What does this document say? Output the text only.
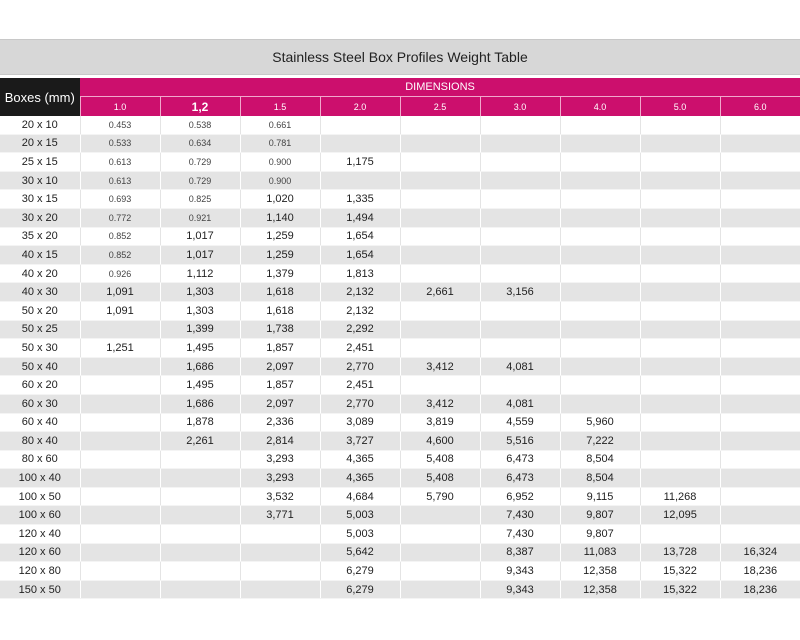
Stainless Steel Box Profiles Weight Table
Boxes (mm)	DIMENSIONS								
	1.0	1,2	1.5	2.0	2.5	3.0	4.0	5.0	6.0
20 x 10	0.453	0.538	0.661						
20 x 15	0.533	0.634	0.781						
25 x 15	0.613	0.729	0.900	1,175					
30 x 10	0.613	0.729	0.900						
30 x 15	0.693	0.825	1,020	1,335					
30 x 20	0.772	0.921	1,140	1,494					
35 x 20	0.852	1,017	1,259	1,654					
40 x 15	0.852	1,017	1,259	1,654					
40 x 20	0.926	1,112	1,379	1,813					
40 x 30	1,091	1,303	1,618	2,132	2,661	3,156			
50 x 20	1,091	1,303	1,618	2,132					
50 x 25		1,399	1,738	2,292					
50 x 30	1,251	1,495	1,857	2,451					
50 x 40		1,686	2,097	2,770	3,412	4,081			
60 x 20		1,495	1,857	2,451					
60 x 30		1,686	2,097	2,770	3,412	4,081			
60 x 40		1,878	2,336	3,089	3,819	4,559	5,960		
80 x 40		2,261	2,814	3,727	4,600	5,516	7,222		
80 x 60			3,293	4,365	5,408	6,473	8,504		
100 x 40			3,293	4,365	5,408	6,473	8,504		
100 x 50			3,532	4,684	5,790	6,952	9,115	11,268	
100 x 60			3,771	5,003		7,430	9,807	12,095	
120 x 40				5,003		7,430	9,807		
120 x 60				5,642		8,387	11,083	13,728	16,324
120 x 80				6,279		9,343	12,358	15,322	18,236
150 x 50				6,279		9,343	12,358	15,322	18,236
